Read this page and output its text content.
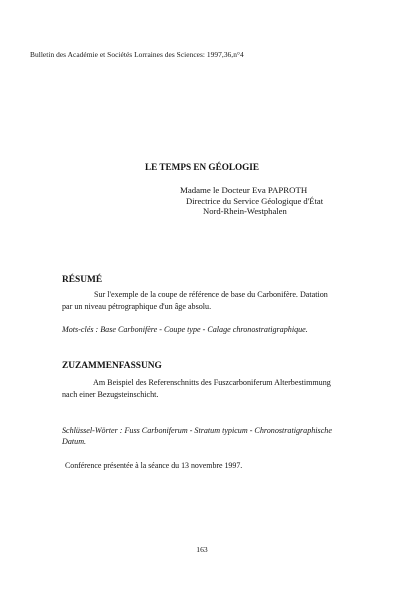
Bulletin des Académie et Sociétés Lorraines des Sciences: 1997,36,n°4

LE TEMPS EN GÉOLOGIE

Madame le Docteur Eva PAPROTH

Directrice du Service Géologique d'État

Nord-Rhein-Westphalen

RÉSUMÉ

Sur l'exemple de la coupe de référence de base du Carbonifère. Datation

par un niveau pétrographique d'un âge absolu.

Mots-clés : Base Carbonifère - Coupe type - Calage chronostratigraphique.

ZUZAMMENFASSUNG

Am Beispiel des Referenschnitts des Fuszcarboniferum Alterbestimmung

nach einer Bezugsteinschicht.

Schlüssel-Wörter : Fuss Carboniferum - Stratum typicum - Chronostratigraphische

Datum.

Conférence présentée à la séance du 13 novembre 1997.

163
